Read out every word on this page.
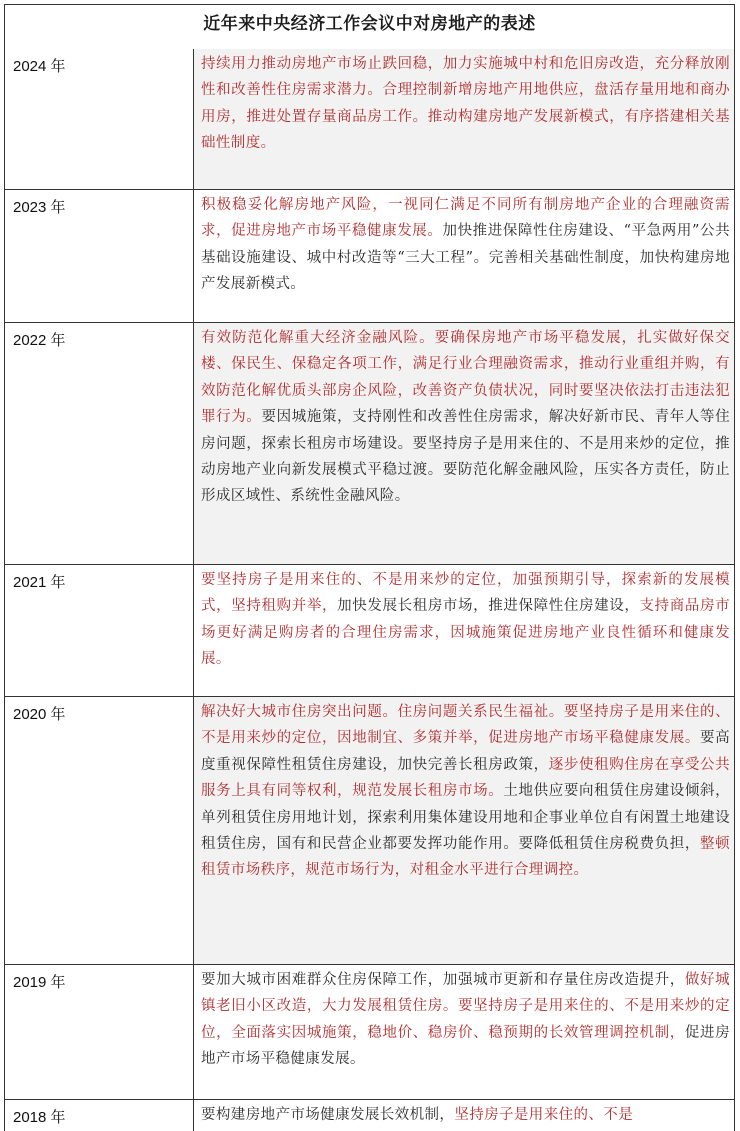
近年来中央经济工作会议中对房地产的表述
2024 年	持续用力推动房地产市场止跌回稳，加力实施城中村和危旧房改造，充分释放刚性和改善性住房需求潜力。合理控制新增房地产用地供应，盘活存量用地和商办用房，推进处置存量商品房工作。推动构建房地产发展新模式，有序搭建相关基础性制度。
2023 年	积极稳妥化解房地产风险，一视同仁满足不同所有制房地产企业的合理融资需求，促进房地产市场平稳健康发展。加快推进保障性住房建设、“平急两用”公共基础设施建设、城中村改造等“三大工程”。完善相关基础性制度，加快构建房地产发展新模式。
2022 年	有效防范化解重大经济金融风险。要确保房地产市场平稳发展，扎实做好保交楼、保民生、保稳定各项工作，满足行业合理融资需求，推动行业重组并购，有效防范化解优质头部房企风险，改善资产负债状况，同时要坚决依法打击违法犯罪行为。要因城施策，支持刚性和改善性住房需求，解决好新市民、青年人等住房问题，探索长租房市场建设。要坚持房子是用来住的、不是用来炒的定位，推动房地产业向新发展模式平稳过渡。要防范化解金融风险，压实各方责任，防止形成区域性、系统性金融风险。
2021 年	要坚持房子是用来住的、不是用来炒的定位，加强预期引导，探索新的发展模式，坚持租购并举，加快发展长租房市场，推进保障性住房建设，支持商品房市场更好满足购房者的合理住房需求，因城施策促进房地产业良性循环和健康发展。
2020 年	解决好大城市住房突出问题。住房问题关系民生福祉。要坚持房子是用来住的、不是用来炒的定位，因地制宜、多策并举，促进房地产市场平稳健康发展。要高度重视保障性租赁住房建设，加快完善长租房政策，逐步使租购住房在享受公共服务上具有同等权利，规范发展长租房市场。土地供应要向租赁住房建设倾斜，单列租赁住房用地计划，探索利用集体建设用地和企事业单位自有闲置土地建设租赁住房，国有和民营企业都要发挥功能作用。要降低租赁住房税费负担，整顿租赁市场秩序，规范市场行为，对租金水平进行合理调控。
2019 年	要加大城市困难群众住房保障工作，加强城市更新和存量住房改造提升，做好城镇老旧小区改造，大力发展租赁住房。要坚持房子是用来住的、不是用来炒的定位，全面落实因城施策，稳地价、稳房价、稳预期的长效管理调控机制，促进房地产市场平稳健康发展。
2018 年	要构建房地产市场健康发展长效机制，坚持房子是用来住的、不是
